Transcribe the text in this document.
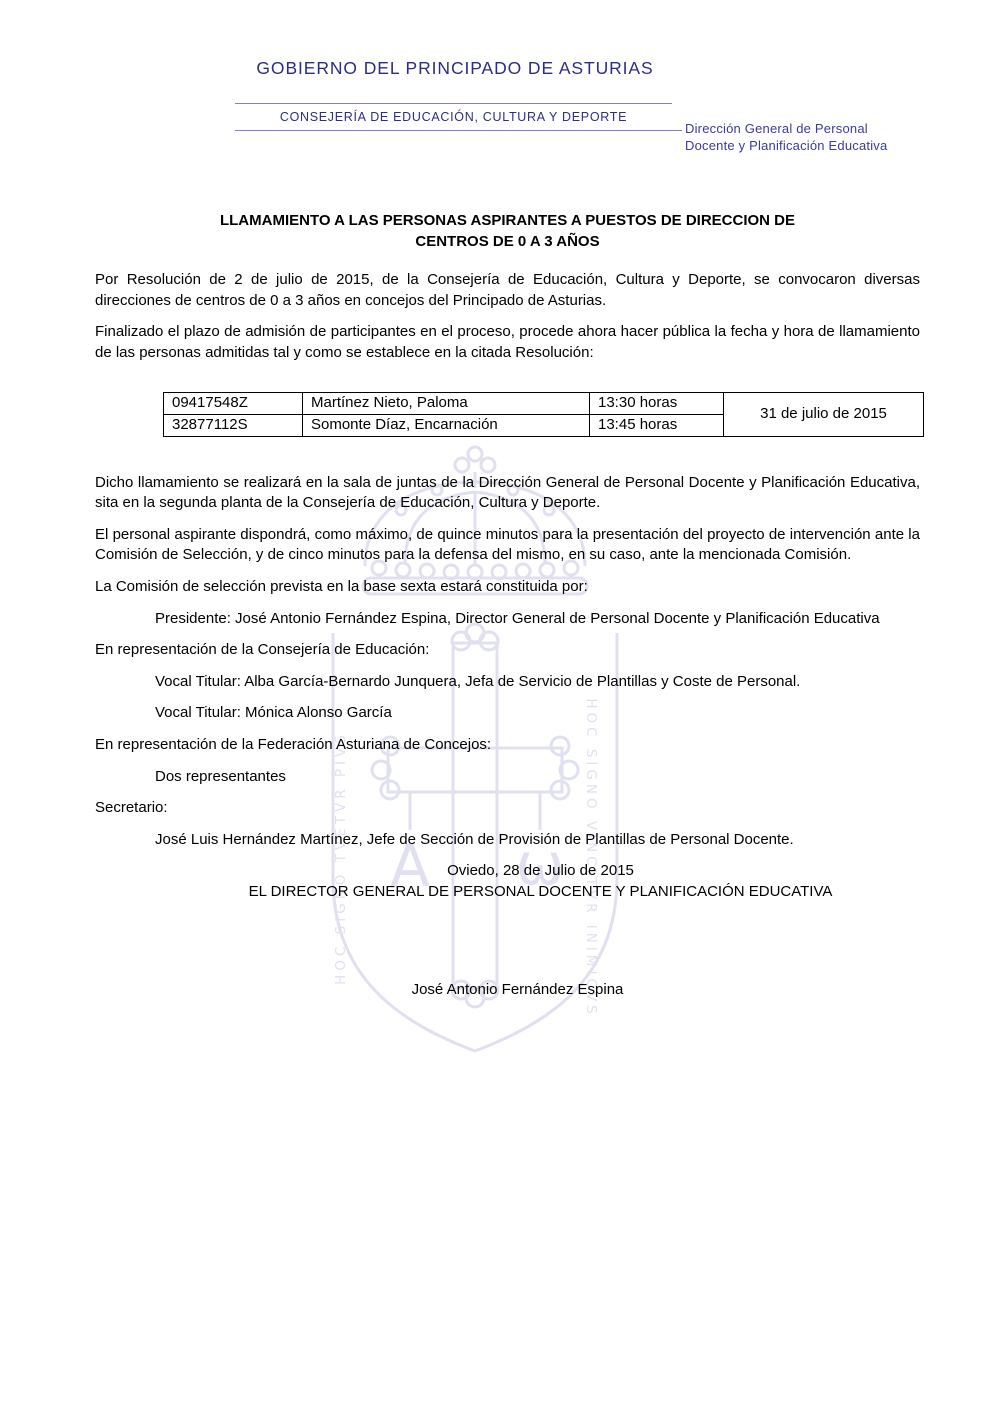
Α ω
HOC SIGNO TVETVR PIVS	HOC SIGNO VINCITVR INIMICVS
GOBIERNO DEL PRINCIPADO DE ASTURIAS
CONSEJERÍA DE EDUCACIÓN, CULTURA Y DEPORTE
Dirección General de Personal
Docente y Planificación Educativa
LLAMAMIENTO A LAS PERSONAS ASPIRANTES A PUESTOS DE DIRECCION DE
CENTROS DE 0 A 3 AÑOS

Por Resolución de 2 de julio de 2015, de la Consejería de Educación, Cultura y Deporte, se convocaron diversas direcciones de centros de 0 a 3 años en concejos del Principado de Asturias.

Finalizado el plazo de admisión de participantes en el proceso, procede ahora hacer pública la fecha y hora de llamamiento de las personas admitidas tal y como se establece en la citada Resolución:

09417548Z	Martínez Nieto, Paloma	13:30 horas	31 de julio de 2015
32877112S	Somonte Díaz, Encarnación	13:45 horas	

Dicho llamamiento se realizará en la sala de juntas de la Dirección General de Personal Docente y Planificación Educativa, sita en la segunda planta de la Consejería de Educación, Cultura y Deporte.

El personal aspirante dispondrá, como máximo, de quince minutos para la presentación del proyecto de intervención ante la Comisión de Selección, y de cinco minutos para la defensa del mismo, en su caso, ante la mencionada Comisión.

La Comisión de selección prevista en la base sexta estará constituida por:

Presidente: José Antonio Fernández Espina, Director General de Personal Docente y Planificación Educativa

En representación de la Consejería de Educación:

Vocal Titular: Alba García-Bernardo Junquera, Jefa de Servicio de Plantillas y Coste de Personal.

Vocal Titular: Mónica Alonso García

En representación de la Federación Asturiana de Concejos:

Dos representantes

Secretario:

José Luis Hernández Martínez, Jefe de Sección de Provisión de Plantillas de Personal Docente.

Oviedo, 28 de Julio de 2015
EL DIRECTOR GENERAL DE PERSONAL DOCENTE Y PLANIFICACIÓN EDUCATIVA
José Antonio Fernández Espina
